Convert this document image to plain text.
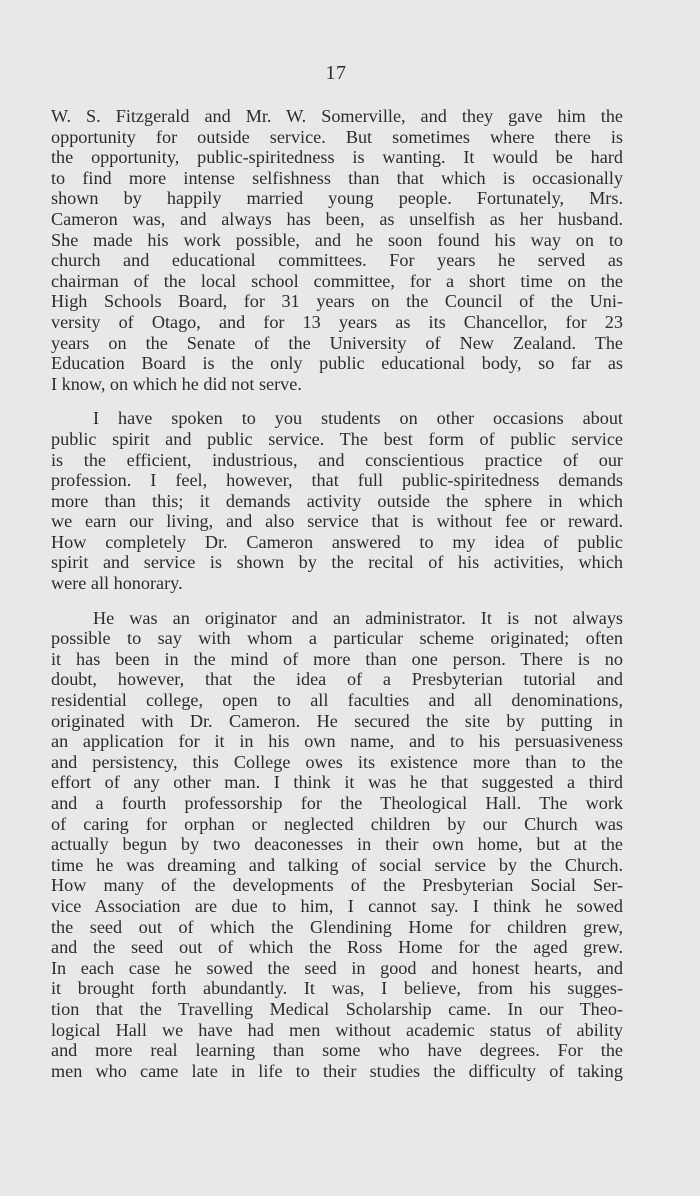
17
W. S. Fitzgerald and Mr. W. Somerville, and they gave him the
opportunity for outside service. But sometimes where there is
the opportunity, public-spiritedness is wanting. It would be hard
to find more intense selfishness than that which is occasionally
shown by happily married young people. Fortunately, Mrs.
Cameron was, and always has been, as unselfish as her husband.
She made his work possible, and he soon found his way on to
church and educational committees. For years he served as
chairman of the local school committee, for a short time on the
High Schools Board, for 31 years on the Council of the Uni-
versity of Otago, and for 13 years as its Chancellor, for 23
years on the Senate of the University of New Zealand. The
Education Board is the only public educational body, so far as
I know, on which he did not serve.
I have spoken to you students on other occasions about
public spirit and public service. The best form of public service
is the efficient, industrious, and conscientious practice of our
profession. I feel, however, that full public-spiritedness demands
more than this; it demands activity outside the sphere in which
we earn our living, and also service that is without fee or reward.
How completely Dr. Cameron answered to my idea of public
spirit and service is shown by the recital of his activities, which
were all honorary.
He was an originator and an administrator. It is not always
possible to say with whom a particular scheme originated; often
it has been in the mind of more than one person. There is no
doubt, however, that the idea of a Presbyterian tutorial and
residential college, open to all faculties and all denominations,
originated with Dr. Cameron. He secured the site by putting in
an application for it in his own name, and to his persuasiveness
and persistency, this College owes its existence more than to the
effort of any other man. I think it was he that suggested a third
and a fourth professorship for the Theological Hall. The work
of caring for orphan or neglected children by our Church was
actually begun by two deaconesses in their own home, but at the
time he was dreaming and talking of social service by the Church.
How many of the developments of the Presbyterian Social Ser-
vice Association are due to him, I cannot say. I think he sowed
the seed out of which the Glendining Home for children grew,
and the seed out of which the Ross Home for the aged grew.
In each case he sowed the seed in good and honest hearts, and
it brought forth abundantly. It was, I believe, from his sugges-
tion that the Travelling Medical Scholarship came. In our Theo-
logical Hall we have had men without academic status of ability
and more real learning than some who have degrees. For the
men who came late in life to their studies the difficulty of taking
